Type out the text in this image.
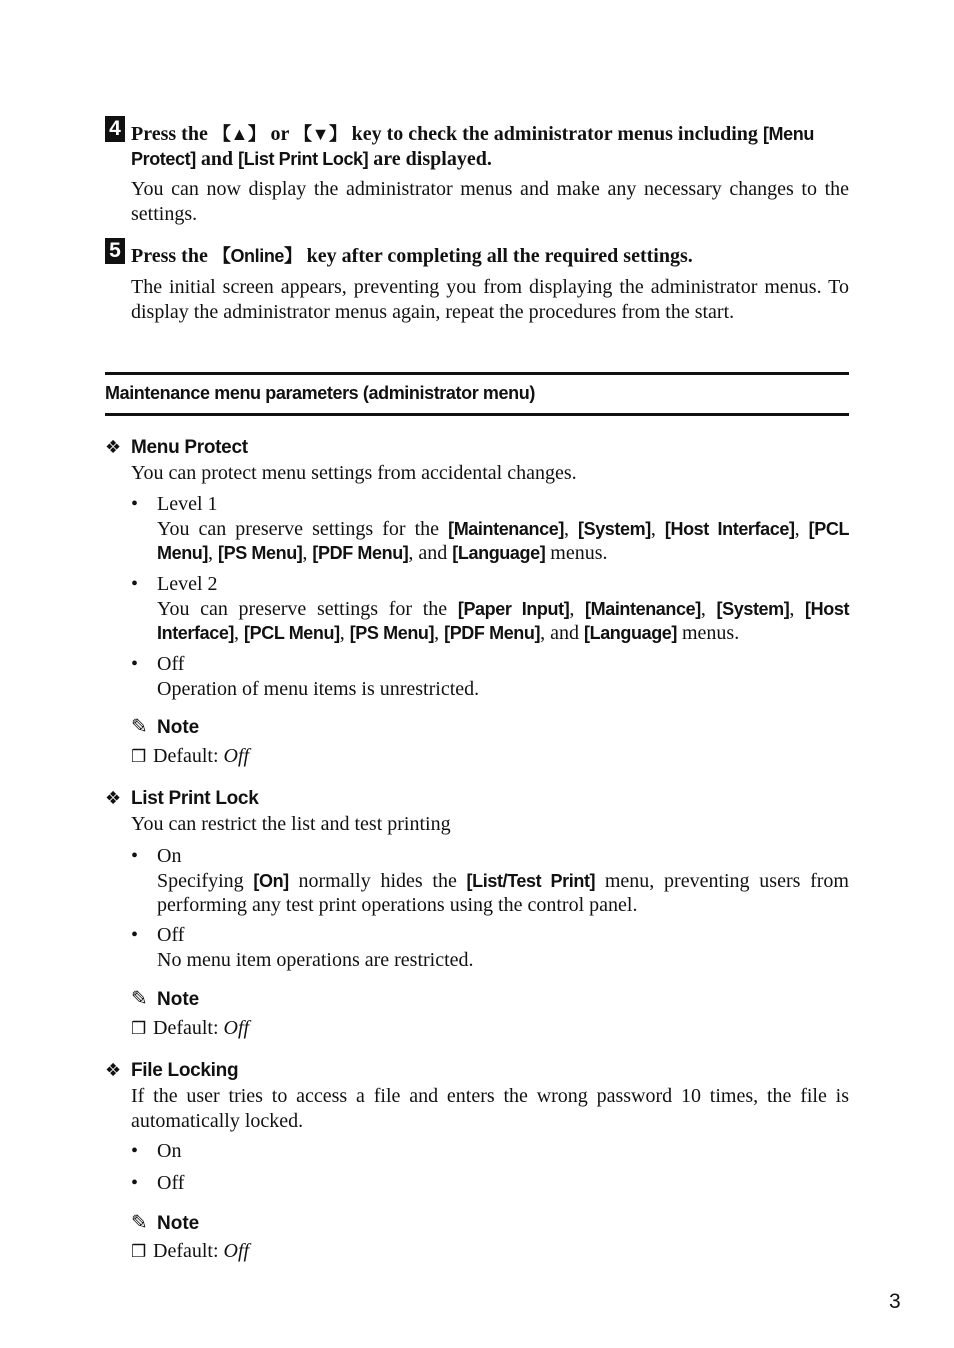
4 Press the 【▲】 or 【▼】 key to check the administrator menus including [Menu Protect] and [List Print Lock] are displayed.
You can now display the administrator menus and make any necessary changes to the settings.
5 Press the 【Online】 key after completing all the required settings.
The initial screen appears, preventing you from displaying the administrator menus. To display the administrator menus again, repeat the procedures from the start.
Maintenance menu parameters (administrator menu)
❖ Menu Protect
You can protect menu settings from accidental changes.
• Level 1
You can preserve settings for the [Maintenance], [System], [Host Interface], [PCL Menu], [PS Menu], [PDF Menu], and [Language] menus.
• Level 2
You can preserve settings for the [Paper Input], [Maintenance], [System], [Host Interface], [PCL Menu], [PS Menu], [PDF Menu], and [Language] menus.
• Off
Operation of menu items is unrestricted.
✎ Note
❒ Default: Off
❖ List Print Lock
You can restrict the list and test printing
• On
Specifying [On] normally hides the [List/Test Print] menu, preventing users from performing any test print operations using the control panel.
• Off
No menu item operations are restricted.
✎ Note
❒ Default: Off
❖ File Locking
If the user tries to access a file and enters the wrong password 10 times, the file is automatically locked.
• On
• Off
✎ Note
❒ Default: Off
3
